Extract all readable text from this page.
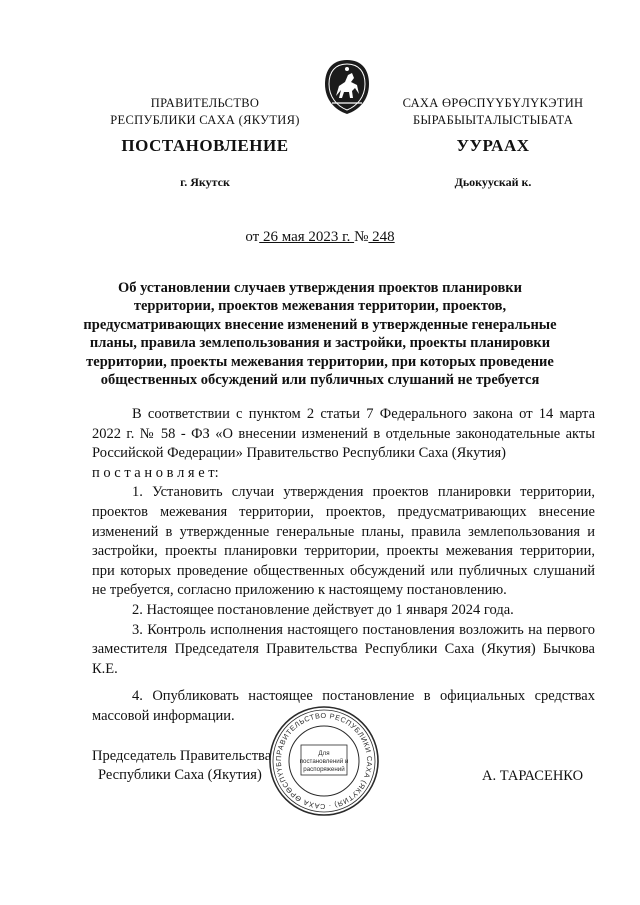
ПРАВИТЕЛЬСТВО
РЕСПУБЛИКИ САХА (ЯКУТИЯ)
САХА ӨРӨСПҮҮБҮЛҮКЭТИН
БЫРАБЫЫТАЛЫСТЫБАТА
ПОСТАНОВЛЕНИЕ	УУРААХ
г. Якутск	Дьокуускай к.
от 26 мая 2023 г. № 248
Об установлении случаев утверждения проектов планировки
территории, проектов межевания территории, проектов,
предусматривающих внесение изменений в утвержденные генеральные
планы, правила землепользования и застройки, проекты планировки
территории, проекты межевания территории, при которых проведение
общественных обсуждений или публичных слушаний не требуется

В соответствии с пунктом 2 статьи 7 Федерального закона от 14 марта 2022 г. № 58 - ФЗ «О внесении изменений в отдельные законодательные акты Российской Федерации» Правительство Республики Саха (Якутия)

п о с т а н о в л я е т:

1. Установить случаи утверждения проектов планировки территории, проектов межевания территории, проектов, предусматривающих внесение изменений в утвержденные генеральные планы, правила землепользования и застройки, проекты планировки территории, проекты межевания территории, при которых проведение общественных обсуждений или публичных слушаний не требуется, согласно приложению к настоящему постановлению.

2. Настоящее постановление действует до 1 января 2024 года.

3. Контроль исполнения настоящего постановления возложить на первого заместителя Председателя Правительства Республики Саха (Якутия) Бычкова К.Е.

4. Опубликовать настоящее постановление в официальных средствах массовой информации.

Председатель Правительства
Республики Саха (Якутия)	А. ТАРАСЕНКО
ПРАВИТЕЛЬСТВО РЕСПУБЛИКИ САХА (ЯКУТИЯ) · САХА ӨРӨСПҮҮБ
Для
постановлений и
распоряжений
